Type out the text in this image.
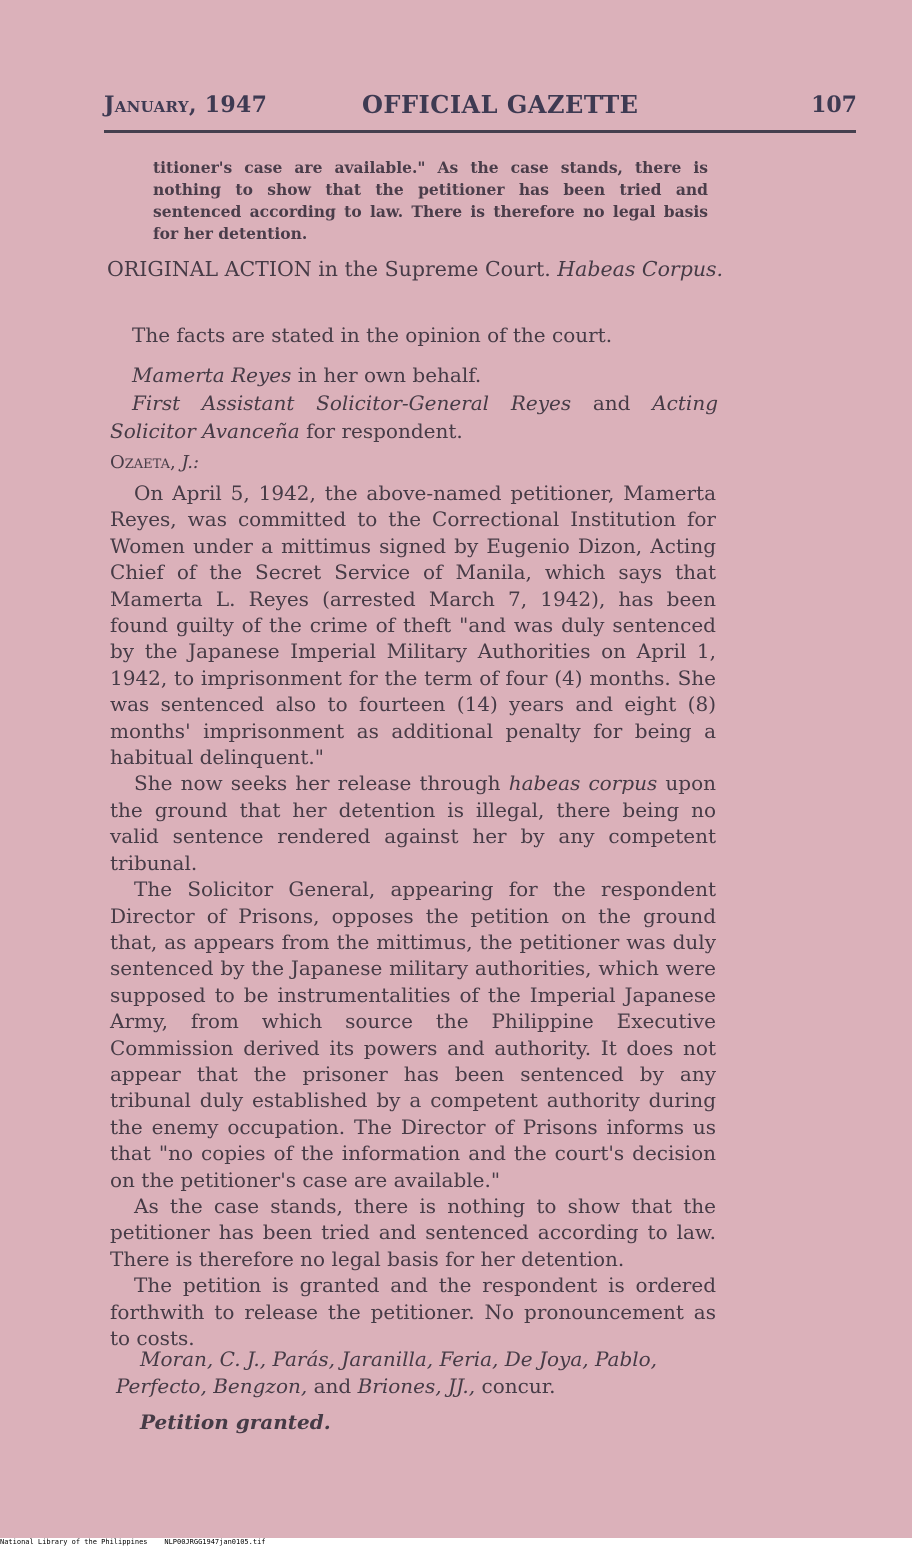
January, 1947	OFFICIAL GAZETTE	107
titioner's case are available." As the case stands, there is nothing to show that the petitioner has been tried and sentenced according to law. There is therefore no legal basis for her detention.
ORIGINAL ACTION in the Supreme Court. Habeas Corpus.
The facts are stated in the opinion of the court.

Mamerta Reyes in her own behalf.

First Assistant Solicitor-General Reyes and Acting Solicitor Avanceña for respondent.

Ozaeta, J.:

On April 5, 1942, the above-named petitioner, Mamerta Reyes, was committed to the Correctional Institution for Women under a mittimus signed by Eugenio Dizon, Acting Chief of the Secret Service of Manila, which says that Mamerta L. Reyes (arrested March 7, 1942), has been found guilty of the crime of theft "and was duly sentenced by the Japanese Imperial Military Authorities on April 1, 1942, to imprisonment for the term of four (4) months. She was sentenced also to fourteen (14) years and eight (8) months' imprisonment as additional penalty for being a habitual delinquent."

She now seeks her release through habeas corpus upon the ground that her detention is illegal, there being no valid sentence rendered against her by any competent tribunal.

The Solicitor General, appearing for the respondent Director of Prisons, opposes the petition on the ground that, as appears from the mittimus, the petitioner was duly sentenced by the Japanese military authorities, which were supposed to be instrumentalities of the Imperial Japanese Army, from which source the Philippine Executive Commission derived its powers and authority. It does not appear that the prisoner has been sentenced by any tribunal duly established by a competent authority during the enemy occupation. The Director of Prisons informs us that "no copies of the information and the court's decision on the petitioner's case are available."

As the case stands, there is nothing to show that the petitioner has been tried and sentenced according to law. There is therefore no legal basis for her detention.

The petition is granted and the respondent is ordered forthwith to release the petitioner. No pronouncement as to costs.

Moran, C. J., Parás, Jaranilla, Feria, De Joya, Pablo, Perfecto, Bengzon, and Briones, JJ., concur.

Petition granted.
National Library of the Philippines    NLP00JRGG1947jan0105.tif
